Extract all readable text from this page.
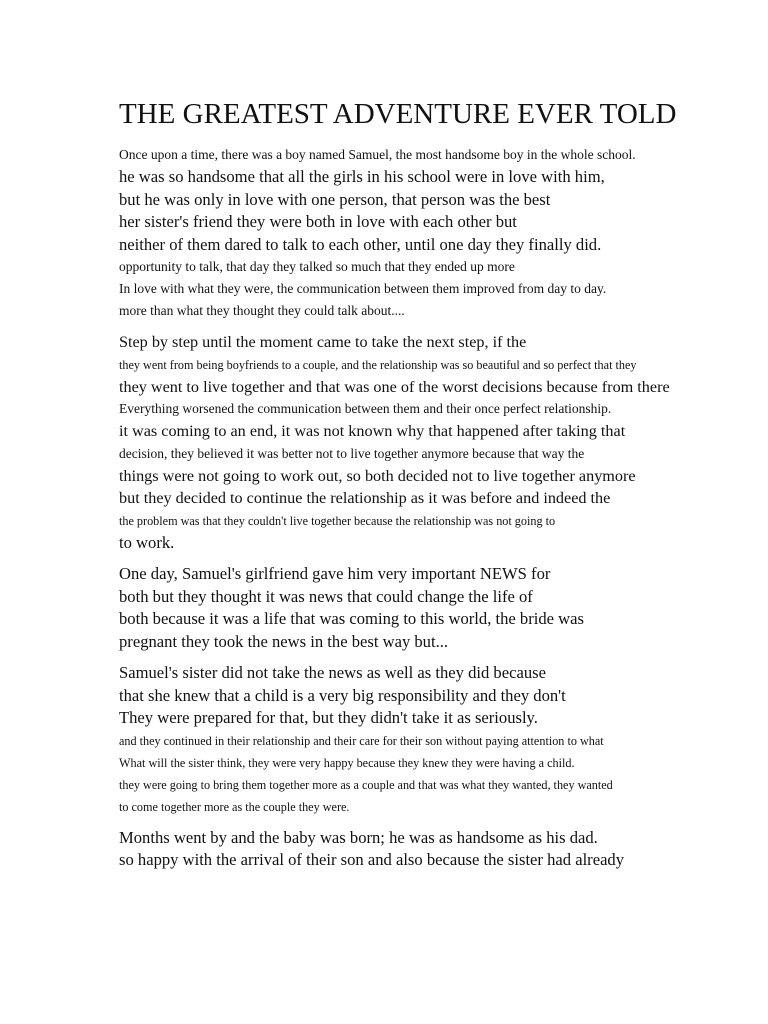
THE GREATEST ADVENTURE EVER TOLD
Once upon a time, there was a boy named Samuel, the most handsome boy in the whole school.
he was so handsome that all the girls in his school were in love with him,
but he was only in love with one person, that person was the best
her sister's friend they were both in love with each other but
neither of them dared to talk to each other, until one day they finally did.
opportunity to talk, that day they talked so much that they ended up more
In love with what they were, the communication between them improved from day to day.
more than what they thought they could talk about....
Step by step until the moment came to take the next step, if the
they went from being boyfriends to a couple, and the relationship was so beautiful and so perfect that they
they went to live together and that was one of the worst decisions because from there
Everything worsened the communication between them and their once perfect relationship.
it was coming to an end, it was not known why that happened after taking that
decision, they believed it was better not to live together anymore because that way the
things were not going to work out, so both decided not to live together anymore
but they decided to continue the relationship as it was before and indeed the
the problem was that they couldn't live together because the relationship was not going to
to work.
One day, Samuel's girlfriend gave him very important NEWS for
both but they thought it was news that could change the life of
both because it was a life that was coming to this world, the bride was
pregnant they took the news in the best way but...
Samuel's sister did not take the news as well as they did because
that she knew that a child is a very big responsibility and they don't
They were prepared for that, but they didn't take it as seriously.
and they continued in their relationship and their care for their son without paying attention to what
What will the sister think, they were very happy because they knew they were having a child.
they were going to bring them together more as a couple and that was what they wanted, they wanted
to come together more as the couple they were.
Months went by and the baby was born; he was as handsome as his dad.
so happy with the arrival of their son and also because the sister had already
